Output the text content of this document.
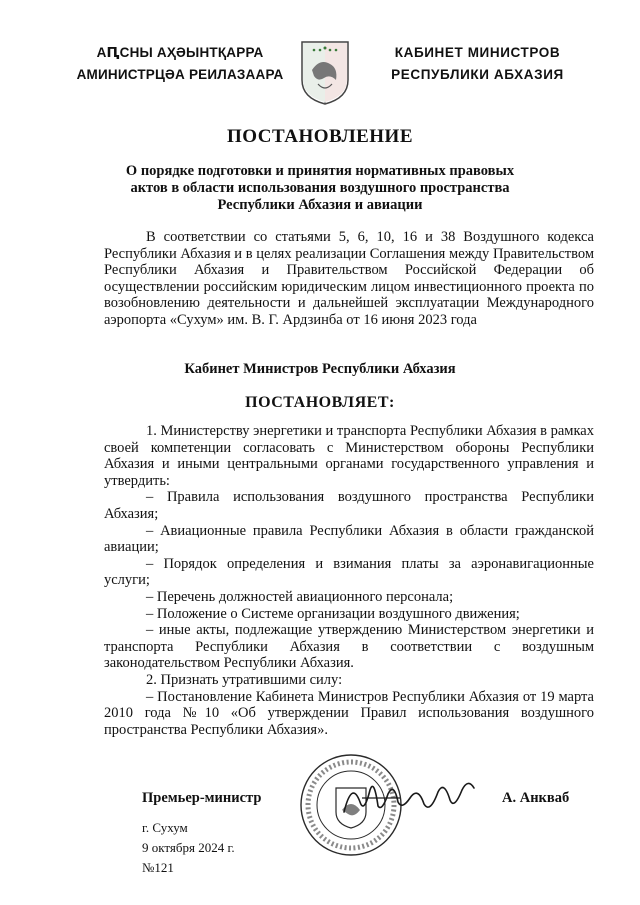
АԤСНЫ АҲӘЫНТҚАРРА
АМИНИСТРЦӘА РЕИЛАЗААРА
КАБИНЕТ МИНИСТРОВ
РЕСПУБЛИКИ АБХАЗИЯ
ПОСТАНОВЛЕНИЕ
О порядке подготовки и принятия нормативных правовых
актов в области использования воздушного пространства
Республики Абхазия и авиации
В соответствии со статьями 5, 6, 10, 16 и 38 Воздушного кодекса Республики Абхазия и в целях реализации Соглашения между Правительством Республики Абхазия и Правительством Российской Федерации об осуществлении российским юридическим лицом инвестиционного проекта по возобновлению деятельности и дальнейшей эксплуатации Международного аэропорта «Сухум» им. В. Г. Ардзинба от 16 июня 2023 года
Кабинет Министров Республики Абхазия
ПОСТАНОВЛЯЕТ:

1. Министерству энергетики и транспорта Республики Абхазия в рамках своей компетенции согласовать с Министерством обороны Республики Абхазия и иными центральными органами государственного управления и утвердить:

– Правила использования воздушного пространства Республики Абхазия;

– Авиационные правила Республики Абхазия в области гражданской авиации;

– Порядок определения и взимания платы за аэронавигационные услуги;

– Перечень должностей авиационного персонала;

– Положение о Системе организации воздушного движения;

– иные акты, подлежащие утверждению Министерством энергетики и транспорта Республики Абхазия в соответствии с воздушным законодательством Республики Абхазия.

2. Признать утратившими силу:

– Постановление Кабинета Министров Республики Абхазия от 19 марта 2010 года №10 «Об утверждении Правил использования воздушного пространства Республики Абхазия».

Премьер-министр	А. Анкваб
г. Сухум
9 октября 2024 г.
№121
